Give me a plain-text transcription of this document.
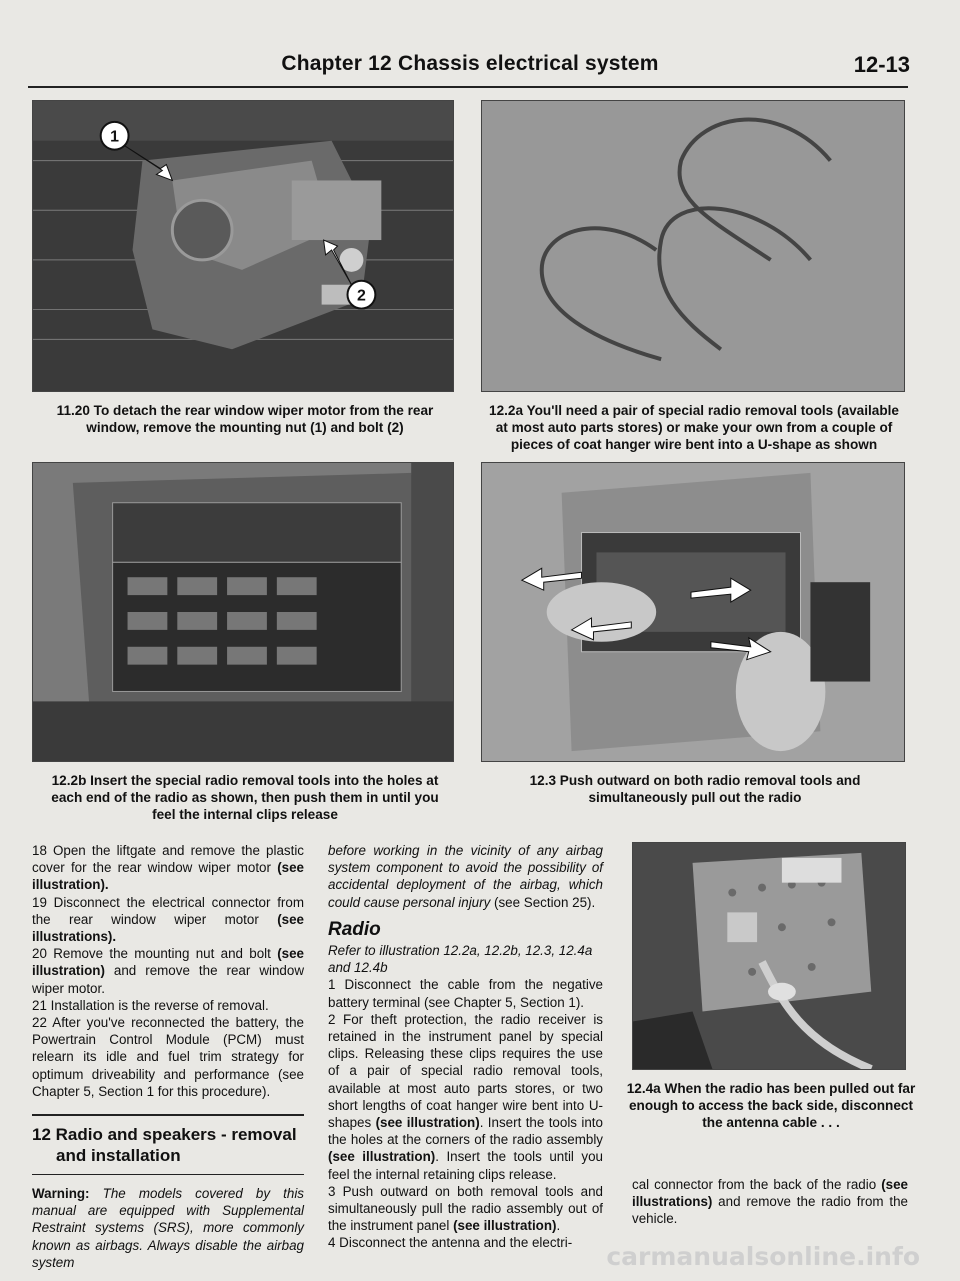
Chapter 12 Chassis electrical system	12-13
1
2
11.20 To detach the rear window wiper motor from the rear window, remove the mounting nut (1) and bolt (2)
12.2a You'll need a pair of special radio removal tools (available at most auto parts stores) or make your own from a couple of pieces of coat hanger wire bent into a U-shape as shown
12.2b Insert the special radio removal tools into the holes at each end of the radio as shown, then push them in until you feel the internal clips release
12.3 Push outward on both radio removal tools and simultaneously pull out the radio

18 Open the liftgate and remove the plastic cover for the rear window wiper motor (see illustration).

19 Disconnect the electrical connector from the rear window wiper motor (see illustrations).

20 Remove the mounting nut and bolt (see illustration) and remove the rear window wiper motor.

21 Installation is the reverse of removal.

22 After you've reconnected the battery, the Powertrain Control Module (PCM) must relearn its idle and fuel trim strategy for optimum driveability and performance (see Chapter 5, Section 1 for this procedure).

12 Radio and speakers - removal
and installation

Warning: The models covered by this manual are equipped with Supplemental Restraint systems (SRS), more commonly known as airbags. Always disable the airbag system

before working in the vicinity of any airbag system component to avoid the possibility of accidental deployment of the airbag, which could cause personal injury (see Section 25).

Radio

Refer to illustration 12.2a, 12.2b, 12.3, 12.4a and 12.4b

1 Disconnect the cable from the negative battery terminal (see Chapter 5, Section 1).

2 For theft protection, the radio receiver is retained in the instrument panel by special clips. Releasing these clips requires the use of a pair of special radio removal tools, available at most auto parts stores, or two short lengths of coat hanger wire bent into U-shapes (see illustration). Insert the tools into the holes at the corners of the radio assembly (see illustration). Insert the tools until you feel the internal retaining clips release.

3 Push outward on both removal tools and simultaneously pull the radio assembly out of the instrument panel (see illustration).

4 Disconnect the antenna and the electri-

12.4a When the radio has been pulled out far enough to access the back side, disconnect the antenna cable . . .

cal connector from the back of the radio (see illustrations) and remove the radio from the vehicle.

carmanualsonline.info
